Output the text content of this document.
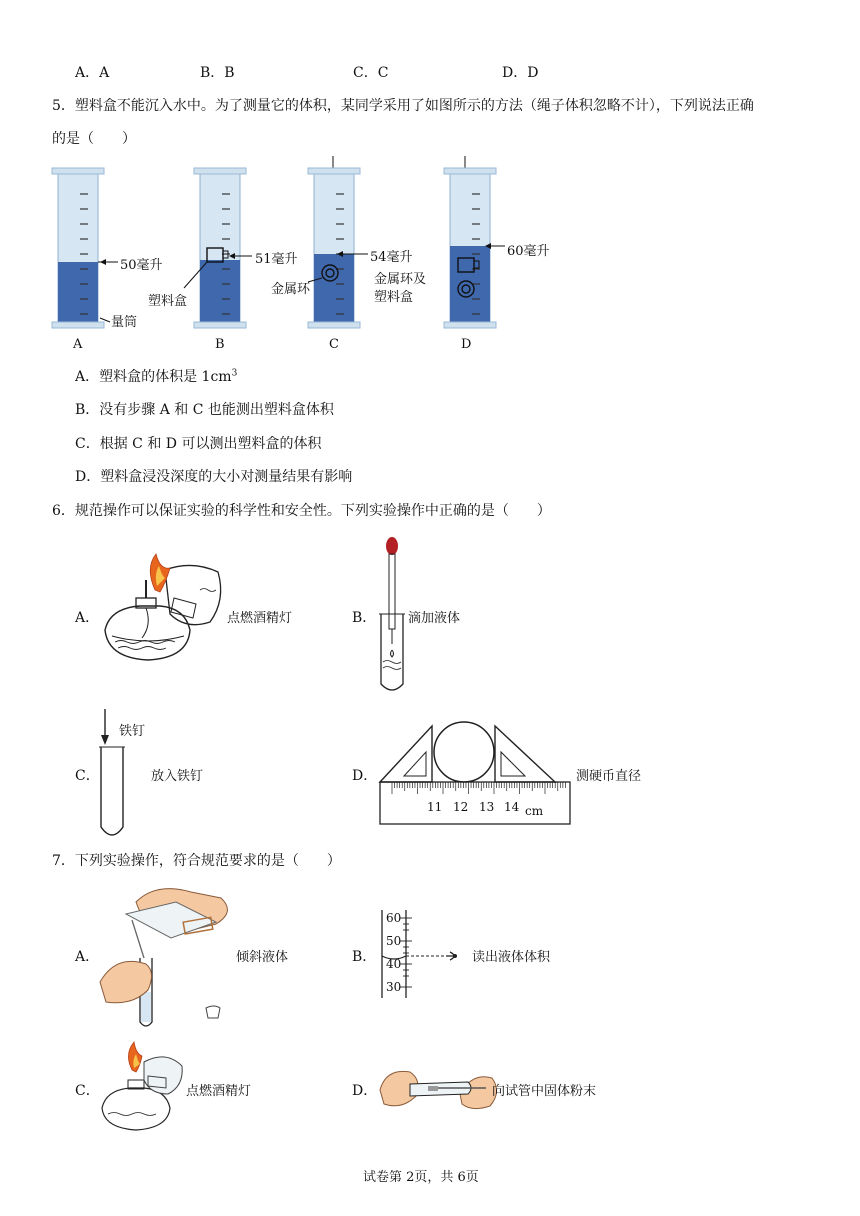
A．A	B．B	C．C	D．D
5．塑料盒不能沉入水中。为了测量它的体积，某同学采用了如图所示的方法（绳子体积忽略不计），下列说法正确
的是（　　）
50毫升
量筒
51毫升
塑料盒
54毫升
金属环
60毫升
金属环及
塑料盒
A	B	C	D
A．塑料盒的体积是 $1cm^3$
B．没有步骤 A 和 C 也能测出塑料盒体积
C．根据 C 和 D 可以测出塑料盒的体积
D．塑料盒浸没深度的大小对测量结果有影响
6．规范操作可以保证实验的科学性和安全性。下列实验操作中正确的是（　　）
A．	点燃酒精灯	B． 滴加液体
C．
铁钉
放入铁钉	D．
11 12 13 14 cm
测硬币直径
7．下列实验操作，符合规范要求的是（　　）
A．	倾斜液体	B．
60
50
40
30
读出液体体积
C．	点燃酒精灯	D．	向试管中固体粉末
试卷第 2页，共 6页
